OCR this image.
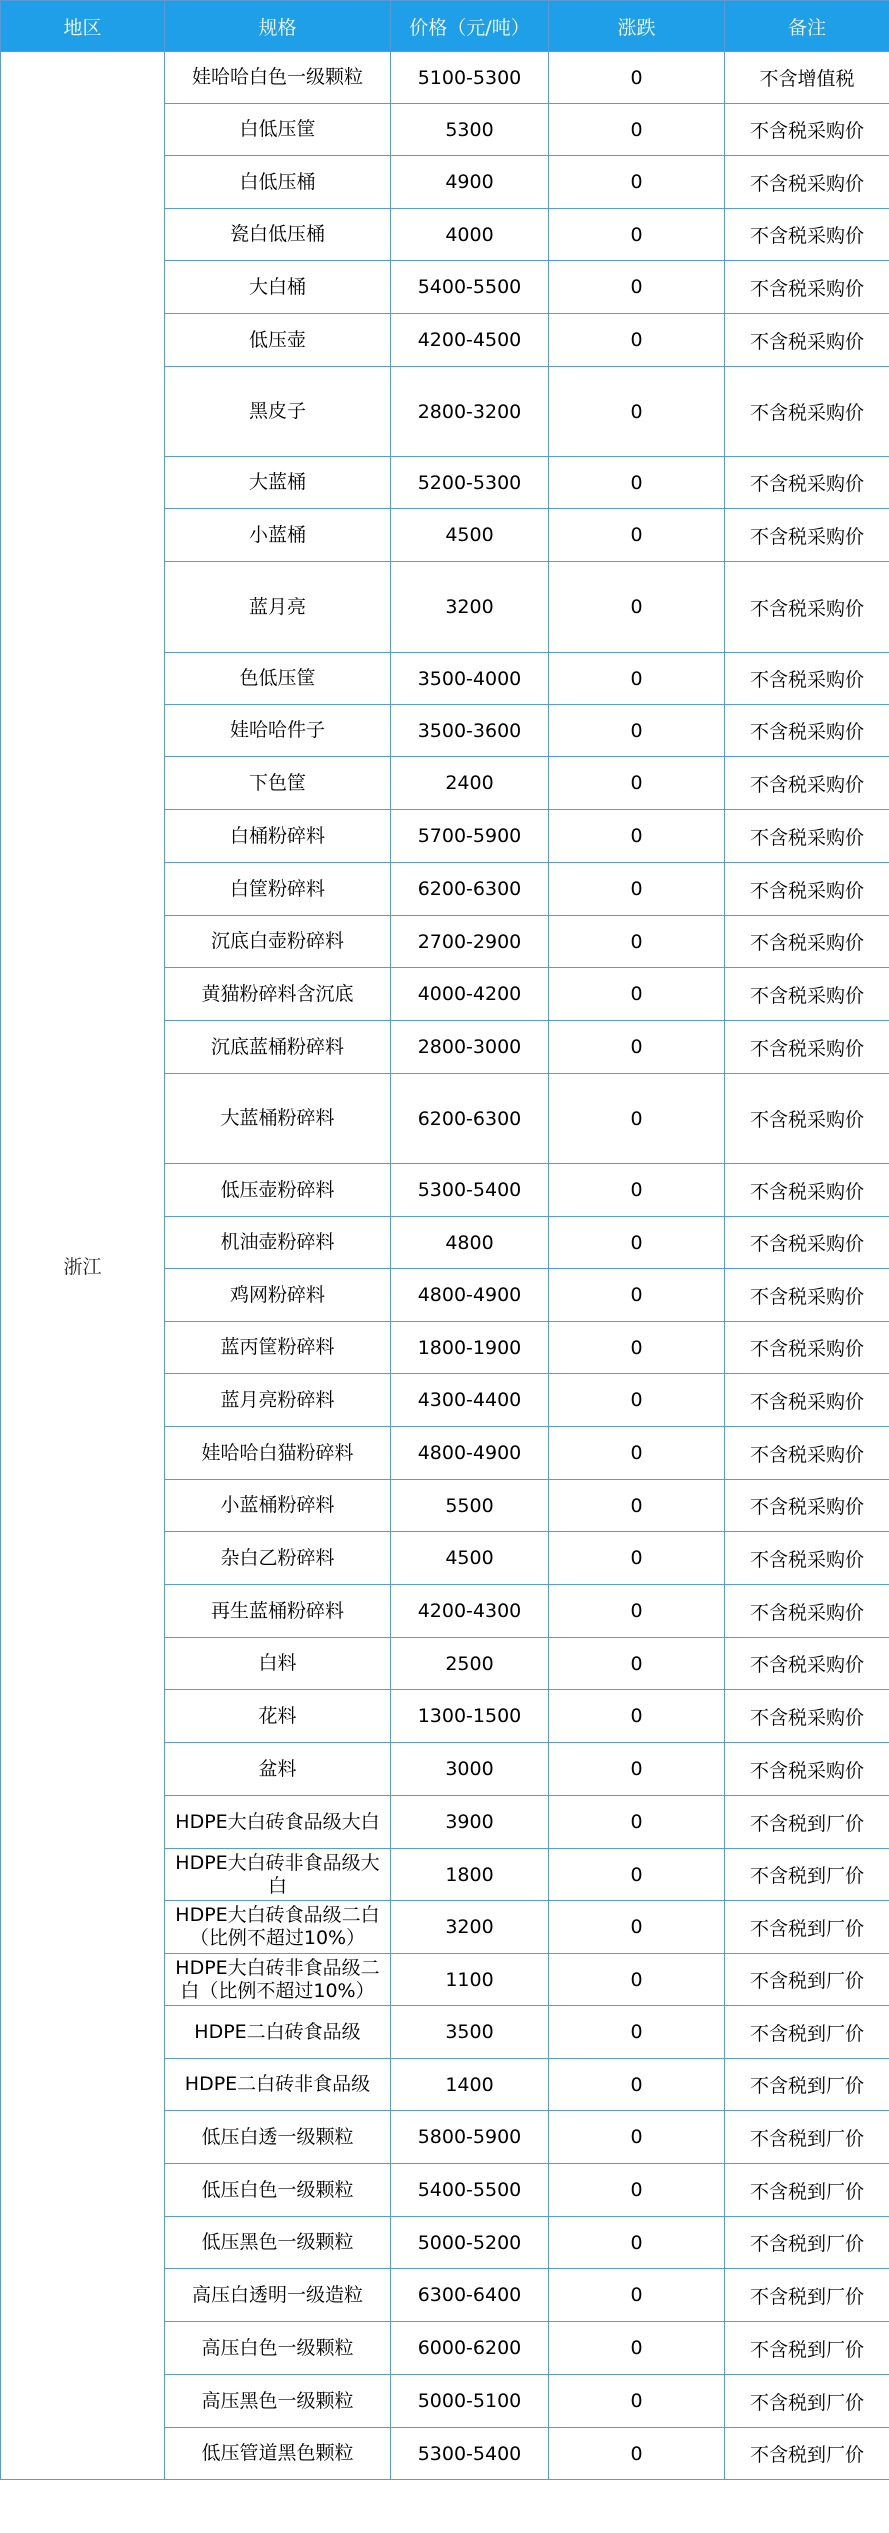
地区	规格	价格（元/吨）	涨跌	备注
浙江	娃哈哈白色一级颗粒	5100-5300	0	不含增值税
	白低压筐	5300	0	不含税采购价
	白低压桶	4900	0	不含税采购价
	瓷白低压桶	4000	0	不含税采购价
	大白桶	5400-5500	0	不含税采购价
	低压壶	4200-4500	0	不含税采购价
	黑皮子	2800-3200	0	不含税采购价
	大蓝桶	5200-5300	0	不含税采购价
	小蓝桶	4500	0	不含税采购价
	蓝月亮	3200	0	不含税采购价
	色低压筐	3500-4000	0	不含税采购价
	娃哈哈件子	3500-3600	0	不含税采购价
	下色筐	2400	0	不含税采购价
	白桶粉碎料	5700-5900	0	不含税采购价
	白筐粉碎料	6200-6300	0	不含税采购价
	沉底白壶粉碎料	2700-2900	0	不含税采购价
	黄猫粉碎料含沉底	4000-4200	0	不含税采购价
	沉底蓝桶粉碎料	2800-3000	0	不含税采购价
	大蓝桶粉碎料	6200-6300	0	不含税采购价
	低压壶粉碎料	5300-5400	0	不含税采购价
	机油壶粉碎料	4800	0	不含税采购价
	鸡网粉碎料	4800-4900	0	不含税采购价
	蓝丙筐粉碎料	1800-1900	0	不含税采购价
	蓝月亮粉碎料	4300-4400	0	不含税采购价
	娃哈哈白猫粉碎料	4800-4900	0	不含税采购价
	小蓝桶粉碎料	5500	0	不含税采购价
	杂白乙粉碎料	4500	0	不含税采购价
	再生蓝桶粉碎料	4200-4300	0	不含税采购价
	白料	2500	0	不含税采购价
	花料	1300-1500	0	不含税采购价
	盆料	3000	0	不含税采购价
	HDPE大白砖食品级大白	3900	0	不含税到厂价
	HDPE大白砖非食品级大白	1800	0	不含税到厂价
	HDPE大白砖食品级二白（比例不超过10%）	3200	0	不含税到厂价
	HDPE大白砖非食品级二白（比例不超过10%）	1100	0	不含税到厂价
	HDPE二白砖食品级	3500	0	不含税到厂价
	HDPE二白砖非食品级	1400	0	不含税到厂价
	低压白透一级颗粒	5800-5900	0	不含税到厂价
	低压白色一级颗粒	5400-5500	0	不含税到厂价
	低压黑色一级颗粒	5000-5200	0	不含税到厂价
	高压白透明一级造粒	6300-6400	0	不含税到厂价
	高压白色一级颗粒	6000-6200	0	不含税到厂价
	高压黑色一级颗粒	5000-5100	0	不含税到厂价
	低压管道黑色颗粒	5300-5400	0	不含税到厂价
